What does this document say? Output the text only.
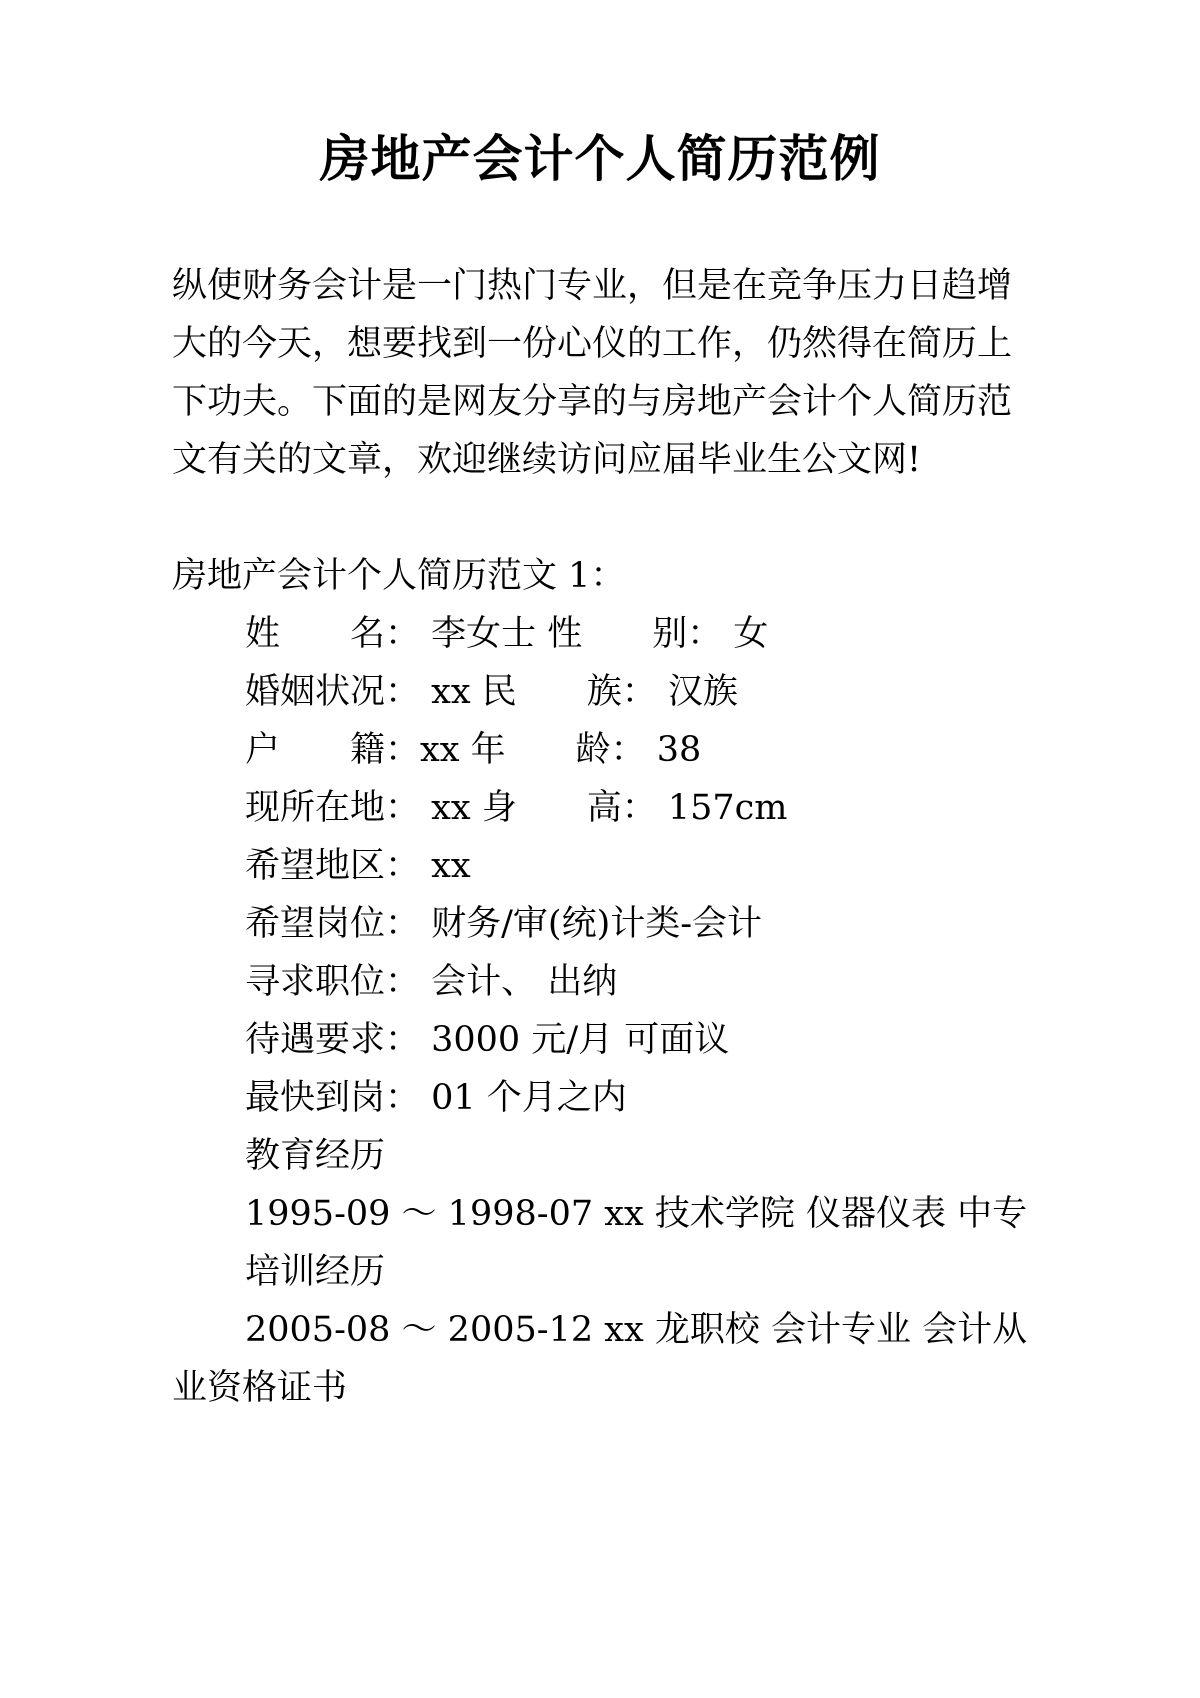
房地产会计个人简历范例
纵使财务会计是一门热门专业，但是在竞争压力日趋增
大的今天，想要找到一份心仪的工作，仍然得在简历上
下功夫。下面的是网友分享的与房地产会计个人简历范
文有关的文章，欢迎继续访问应届毕业生公文网!
房地产会计个人简历范文 1：
姓　　名： 李女士 性　　别： 女
婚姻状况： xx 民　　族： 汉族
户　　籍：xx 年　　龄： 38
现所在地： xx 身　　高： 157cm
希望地区： xx
希望岗位： 财务/审(统)计类-会计
寻求职位： 会计、 出纳
待遇要求： 3000 元/月 可面议
最快到岗： 01 个月之内
教育经历
1995-09 ～ 1998-07 xx 技术学院 仪器仪表 中专
培训经历
2005-08 ～ 2005-12 xx 龙职校 会计专业 会计从
业资格证书
